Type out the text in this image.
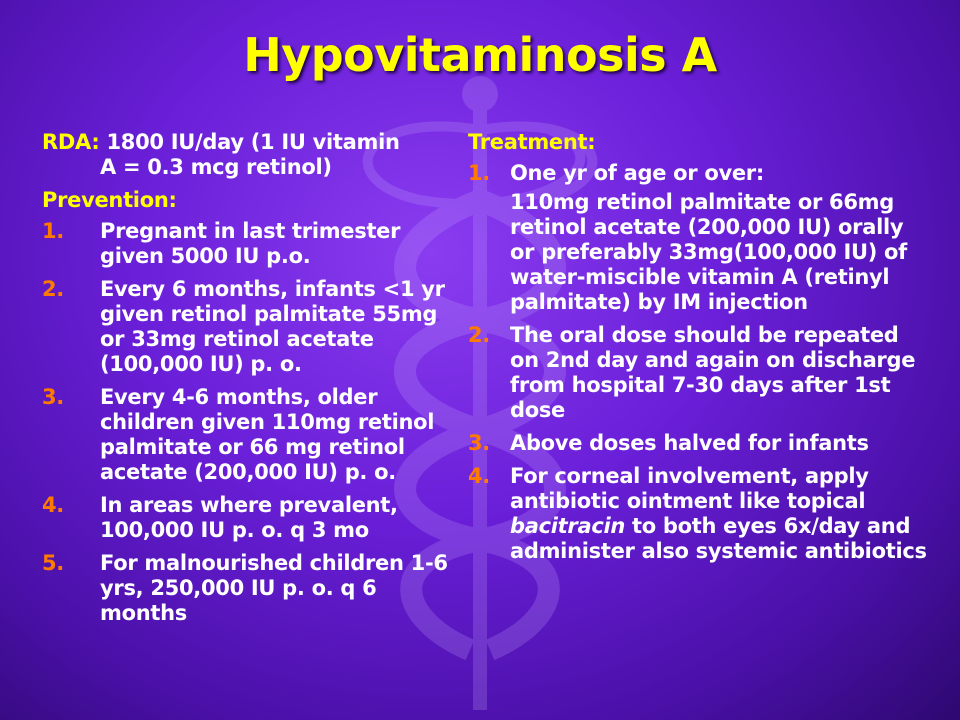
Hypovitaminosis A
RDA: 1800 IU/day (1 IU vitamin
A = 0.3 mcg retinol)
Prevention:
1.	Pregnant in last trimester given 5000 IU p.o.
2.	Every 6 months, infants <1 yr given retinol palmitate 55mg or 33mg retinol acetate (100,000 IU) p. o.
3.	Every 4-6 months, older children given 110mg retinol palmitate or 66 mg retinol acetate (200,000 IU) p. o.
4.	In areas where prevalent, 100,000 IU p. o. q 3 mo
5.	For malnourished children 1-6 yrs, 250,000 IU p. o. q 6 months
Treatment:
1. One yr of age or over:
110mg retinol palmitate or 66mg retinol acetate (200,000 IU) orally or preferably 33mg(100,000 IU) of water-miscible vitamin A (retinyl palmitate) by IM injection
2. The oral dose should be repeated on 2nd day and again on discharge from hospital 7-30 days after 1st dose
3. Above doses halved for infants
4. For corneal involvement, apply antibiotic ointment like topical bacitracin to both eyes 6x/day and administer also systemic antibiotics
